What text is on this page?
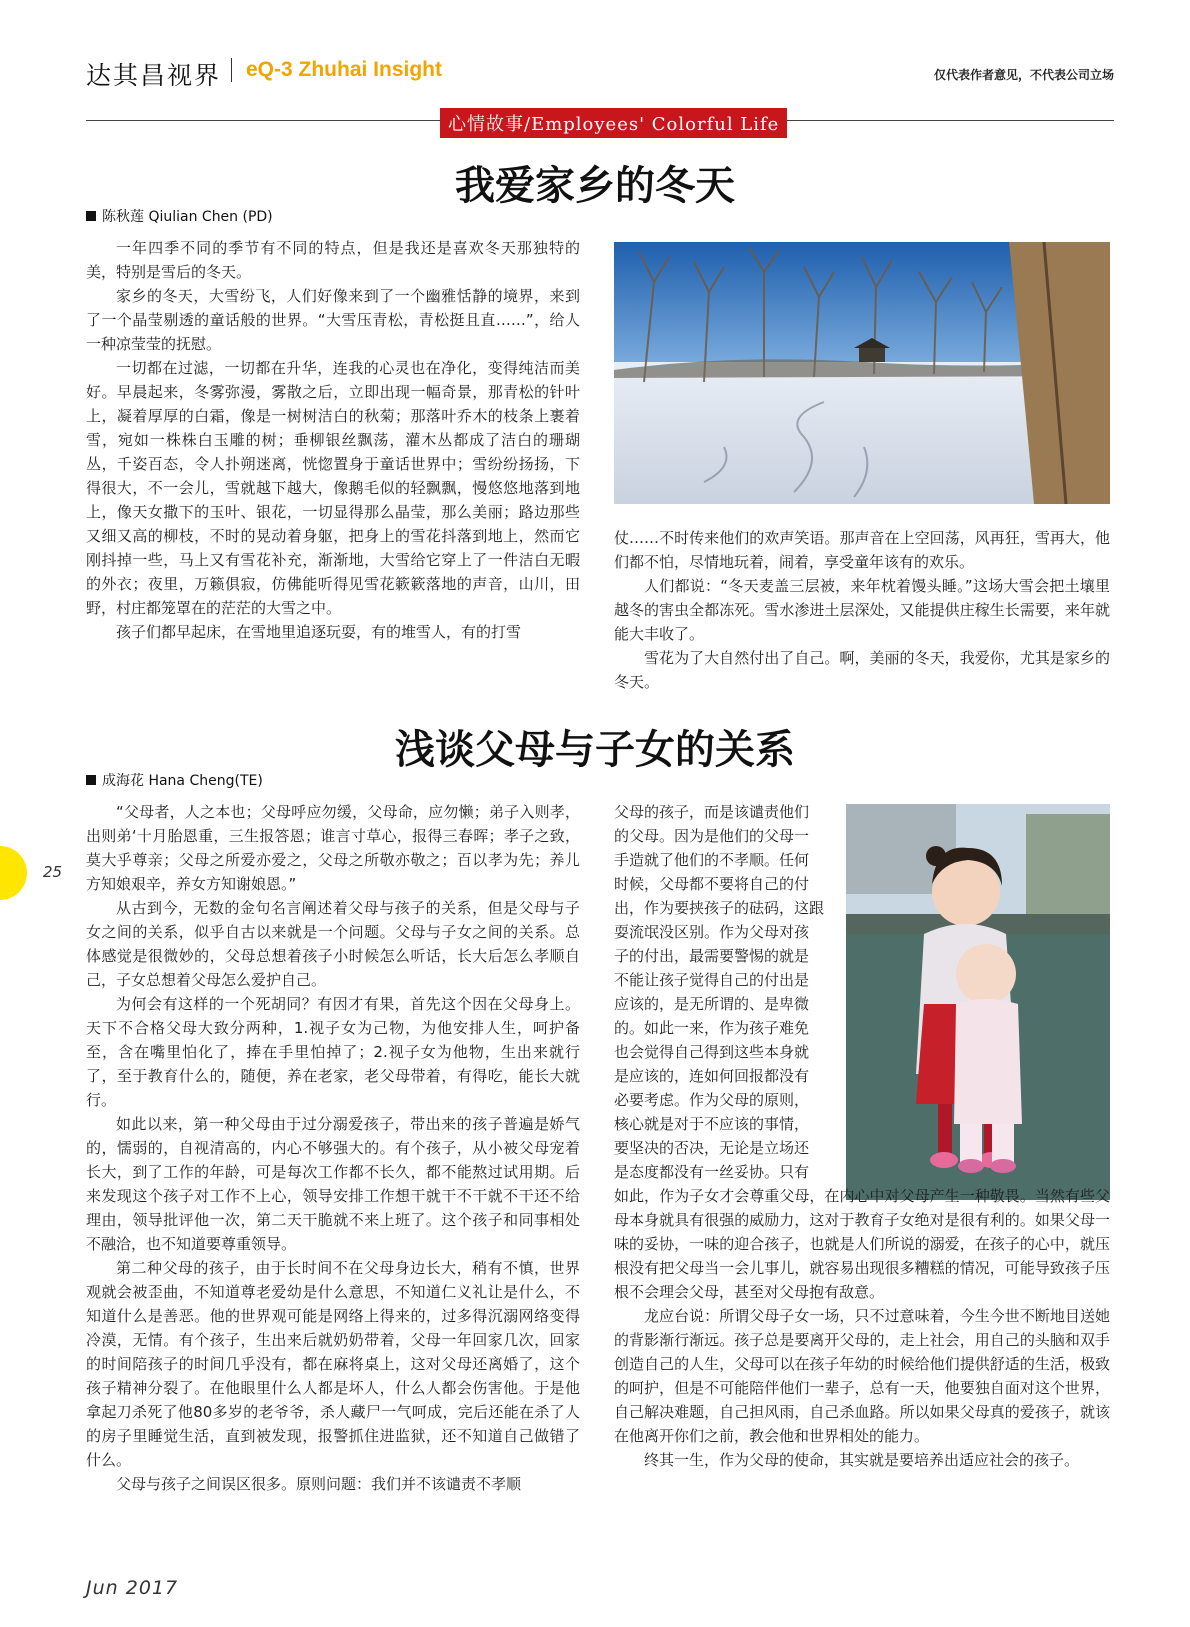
达其昌视界 eQ-3 Zhuhai Insight	仅代表作者意见，不代表公司立场
心情故事/Employees' Colorful Life
我爱家乡的冬天
陈秋莲 Qiulian Chen (PD)

一年四季不同的季节有不同的特点，但是我还是喜欢冬天那独特的美，特别是雪后的冬天。

家乡的冬天，大雪纷飞，人们好像来到了一个幽雅恬静的境界，来到了一个晶莹剔透的童话般的世界。“大雪压青松，青松挺且直……”，给人一种凉莹莹的抚慰。

一切都在过滤，一切都在升华，连我的心灵也在净化，变得纯洁而美好。早晨起来，冬雾弥漫，雾散之后，立即出现一幅奇景，那青松的针叶上，凝着厚厚的白霜，像是一树树洁白的秋菊；那落叶乔木的枝条上裹着雪，宛如一株株白玉雕的树；垂柳银丝飘荡，灌木丛都成了洁白的珊瑚丛，千姿百态，令人扑朔迷离，恍惚置身于童话世界中；雪纷纷扬扬，下得很大，不一会儿，雪就越下越大，像鹅毛似的轻飘飘，慢悠悠地落到地上，像天女撒下的玉叶、银花，一切显得那么晶莹，那么美丽；路边那些又细又高的柳枝，不时的晃动着身躯，把身上的雪花抖落到地上，然而它刚抖掉一些，马上又有雪花补充，渐渐地，大雪给它穿上了一件洁白无暇的外衣；夜里，万籁俱寂，仿佛能听得见雪花簌簌落地的声音，山川，田野，村庄都笼罩在的茫茫的大雪之中。

孩子们都早起床，在雪地里追逐玩耍，有的堆雪人，有的打雪

仗……不时传来他们的欢声笑语。那声音在上空回荡，风再狂，雪再大，他们都不怕，尽情地玩着，闹着，享受童年该有的欢乐。

人们都说：“冬天麦盖三层被，来年枕着馒头睡。”这场大雪会把土壤里越冬的害虫全都冻死。雪水渗进土层深处，又能提供庄稼生长需要，来年就能大丰收了。

雪花为了大自然付出了自己。啊，美丽的冬天，我爱你，尤其是家乡的冬天。

浅谈父母与子女的关系
成海花 Hana Cheng(TE)

“父母者，人之本也；父母呼应勿缓，父母命，应勿懒；弟子入则孝，出则弟‘十月胎恩重，三生报答恩；谁言寸草心，报得三春晖；孝子之致，莫大乎尊亲；父母之所爱亦爱之，父母之所敬亦敬之；百以孝为先；养儿方知娘艰辛，养女方知谢娘恩。”

从古到今，无数的金句名言阐述着父母与孩子的关系，但是父母与子女之间的关系，似乎自古以来就是一个问题。父母与子女之间的关系。总体感觉是很微妙的，父母总想着孩子小时候怎么听话，长大后怎么孝顺自己，子女总想着父母怎么爱护自己。

为何会有这样的一个死胡同？有因才有果，首先这个因在父母身上。天下不合格父母大致分两种，1.视子女为己物，为他安排人生，呵护备至，含在嘴里怕化了，捧在手里怕掉了；2.视子女为他物，生出来就行了，至于教育什么的，随便，养在老家，老父母带着，有得吃，能长大就行。

如此以来，第一种父母由于过分溺爱孩子，带出来的孩子普遍是娇气的，懦弱的，自视清高的，内心不够强大的。有个孩子，从小被父母宠着长大，到了工作的年龄，可是每次工作都不长久，都不能熬过试用期。后来发现这个孩子对工作不上心，领导安排工作想干就干不干就不干还不给理由，领导批评他一次，第二天干脆就不来上班了。这个孩子和同事相处不融洽，也不知道要尊重领导。

第二种父母的孩子，由于长时间不在父母身边长大，稍有不慎，世界观就会被歪曲，不知道尊老爱幼是什么意思，不知道仁义礼让是什么，不知道什么是善恶。他的世界观可能是网络上得来的，过多得沉溺网络变得冷漠，无情。有个孩子，生出来后就奶奶带着，父母一年回家几次，回家的时间陪孩子的时间几乎没有，都在麻将桌上，这对父母还离婚了，这个孩子精神分裂了。在他眼里什么人都是坏人，什么人都会伤害他。于是他拿起刀杀死了他80多岁的老爷爷，杀人藏尸一气呵成，完后还能在杀了人的房子里睡觉生活，直到被发现，报警抓住进监狱，还不知道自己做错了什么。

父母与孩子之间误区很多。原则问题：我们并不该谴责不孝顺

父母的孩子，而是该谴责他们
的父母。因为是他们的父母一
手造就了他们的不孝顺。任何
时候，父母都不要将自己的付
出，作为要挟孩子的砝码，这跟
耍流氓没区别。作为父母对孩
子的付出，最需要警惕的就是
不能让孩子觉得自己的付出是
应该的，是无所谓的、是卑微
的。如此一来，作为孩子难免
也会觉得自己得到这些本身就
是应该的，连如何回报都没有
必要考虑。作为父母的原则，
核心就是对于不应该的事情，
要坚决的否决，无论是立场还
是态度都没有一丝妥协。只有

如此，作为子女才会尊重父母，在内心中对父母产生一种敬畏。当然有些父母本身就具有很强的威励力，这对于教育子女绝对是很有利的。如果父母一味的妥协，一味的迎合孩子，也就是人们所说的溺爱，在孩子的心中，就压根没有把父母当一会儿事儿，就容易出现很多糟糕的情况，可能导致孩子压根不会理会父母，甚至对父母抱有敌意。

龙应台说：所谓父母子女一场，只不过意味着，今生今世不断地目送她的背影渐行渐远。孩子总是要离开父母的，走上社会，用自己的头脑和双手创造自己的人生，父母可以在孩子年幼的时候给他们提供舒适的生活，极致的呵护，但是不可能陪伴他们一辈子，总有一天，他要独自面对这个世界，自己解决难题，自己担风雨，自己杀血路。所以如果父母真的爱孩子，就该在他离开你们之前，教会他和世界相处的能力。

终其一生，作为父母的使命，其实就是要培养出适应社会的孩子。

25
Jun 2017
